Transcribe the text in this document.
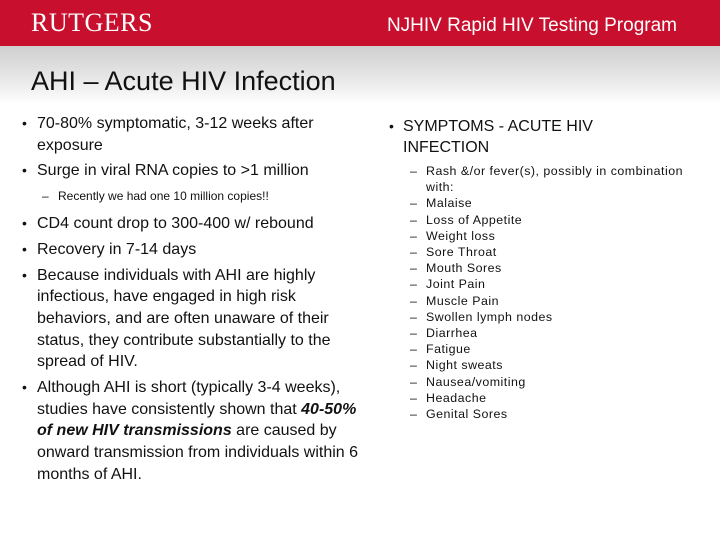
RUTGERS	NJHIV Rapid HIV Testing Program
AHI – Acute HIV Infection
• 70-80% symptomatic, 3-12 weeks after exposure
• Surge in viral RNA copies to >1 million
– Recently we had one 10 million copies!!
• CD4 count drop to 300-400 w/ rebound
• Recovery in 7-14 days
• Because individuals with AHI are highly infectious, have engaged in high risk behaviors, and are often unaware of their status, they contribute substantially to the spread of HIV.
• Although AHI is short (typically 3-4 weeks), studies have consistently shown that 40-50% of new HIV transmissions are caused by onward transmission from individuals within 6 months of AHI.
• SYMPTOMS - ACUTE HIV
INFECTION
– Rash &/or fever(s), possibly in combination with:
– Malaise
– Loss of Appetite
– Weight loss
– Sore Throat
– Mouth Sores
– Joint Pain
– Muscle Pain
– Swollen lymph nodes
– Diarrhea
– Fatigue
– Night sweats
– Nausea/vomiting
– Headache
– Genital Sores
